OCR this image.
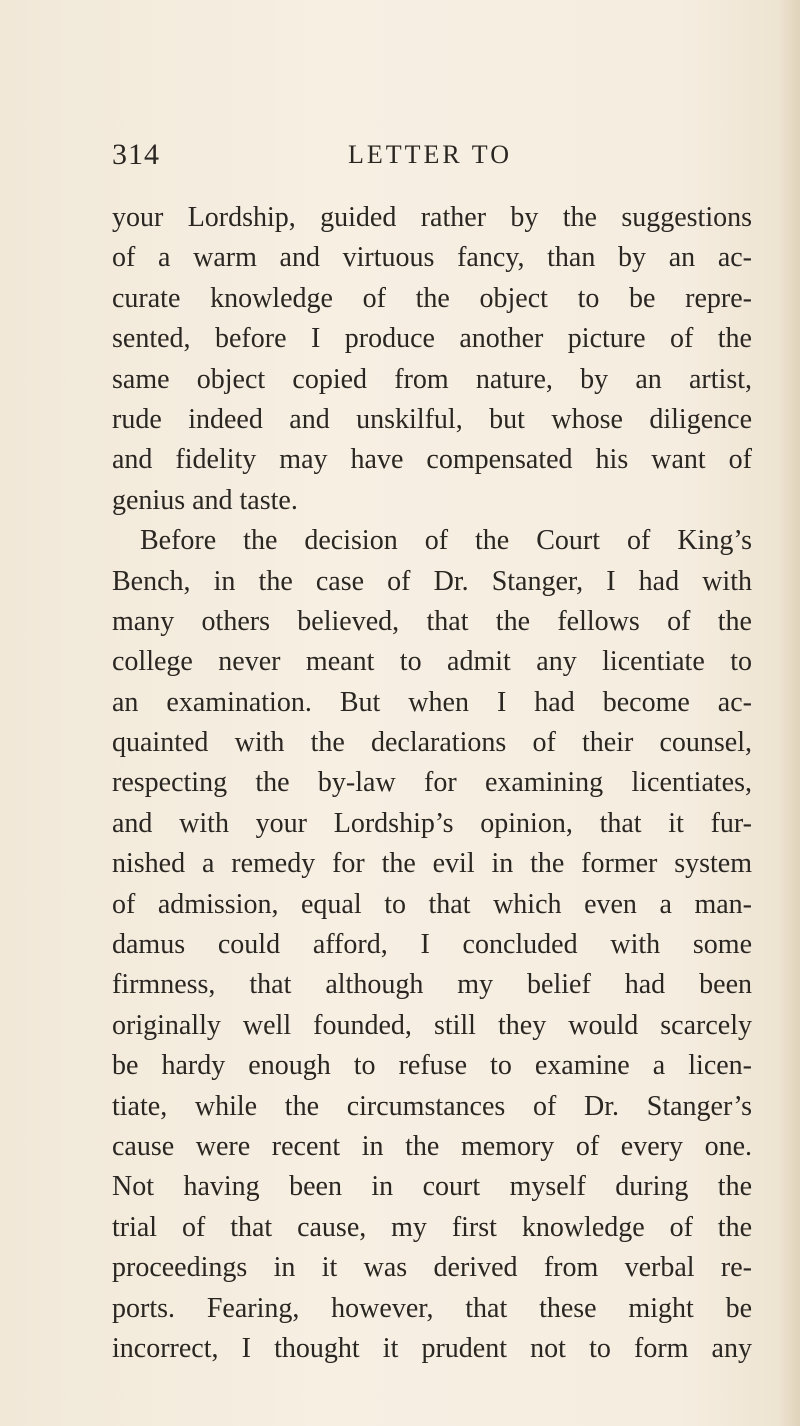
314	LETTER TO
your Lordship, guided rather by the suggestions
of a warm and virtuous fancy, than by an ac-
curate knowledge of the object to be repre-
sented, before I produce another picture of the
same object copied from nature, by an artist,
rude indeed and unskilful, but whose diligence
and fidelity may have compensated his want of
genius and taste.
Before the decision of the Court of King’s
Bench, in the case of Dr. Stanger, I had with
many others believed, that the fellows of the
college never meant to admit any licentiate to
an examination. But when I had become ac-
quainted with the declarations of their counsel,
respecting the by-law for examining licentiates,
and with your Lordship’s opinion, that it fur-
nished a remedy for the evil in the former system
of admission, equal to that which even a man-
damus could afford, I concluded with some
firmness, that although my belief had been
originally well founded, still they would scarcely
be hardy enough to refuse to examine a licen-
tiate, while the circumstances of Dr. Stanger’s
cause were recent in the memory of every one.
Not having been in court myself during the
trial of that cause, my first knowledge of the
proceedings in it was derived from verbal re-
ports. Fearing, however, that these might be
incorrect, I thought it prudent not to form any
